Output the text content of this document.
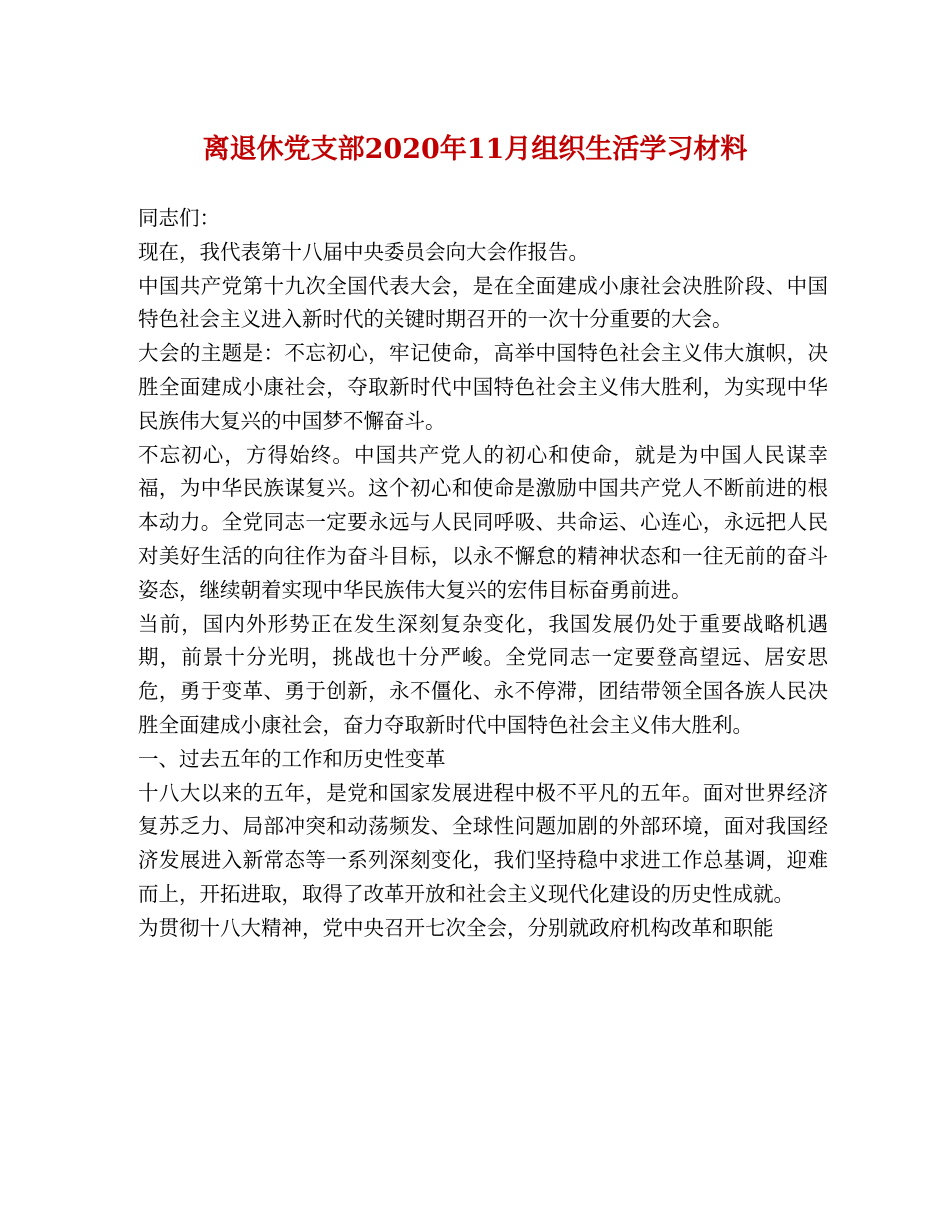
离退休党支部2020年11月组织生活学习材料

同志们：

现在，我代表第十八届中央委员会向大会作报告。

中国共产党第十九次全国代表大会，是在全面建成小康社会决胜阶段、中国特色社会主义进入新时代的关键时期召开的一次十分重要的大会。

大会的主题是：不忘初心，牢记使命，高举中国特色社会主义伟大旗帜，决胜全面建成小康社会，夺取新时代中国特色社会主义伟大胜利，为实现中华民族伟大复兴的中国梦不懈奋斗。

不忘初心，方得始终。中国共产党人的初心和使命，就是为中国人民谋幸福，为中华民族谋复兴。这个初心和使命是激励中国共产党人不断前进的根本动力。全党同志一定要永远与人民同呼吸、共命运、心连心，永远把人民对美好生活的向往作为奋斗目标，以永不懈怠的精神状态和一往无前的奋斗姿态，继续朝着实现中华民族伟大复兴的宏伟目标奋勇前进。

当前，国内外形势正在发生深刻复杂变化，我国发展仍处于重要战略机遇期，前景十分光明，挑战也十分严峻。全党同志一定要登高望远、居安思危，勇于变革、勇于创新，永不僵化、永不停滞，团结带领全国各族人民决胜全面建成小康社会，奋力夺取新时代中国特色社会主义伟大胜利。

一、过去五年的工作和历史性变革

十八大以来的五年，是党和国家发展进程中极不平凡的五年。面对世界经济复苏乏力、局部冲突和动荡频发、全球性问题加剧的外部环境，面对我国经济发展进入新常态等一系列深刻变化，我们坚持稳中求进工作总基调，迎难而上，开拓进取，取得了改革开放和社会主义现代化建设的历史性成就。

为贯彻十八大精神，党中央召开七次全会，分别就政府机构改革和职能
